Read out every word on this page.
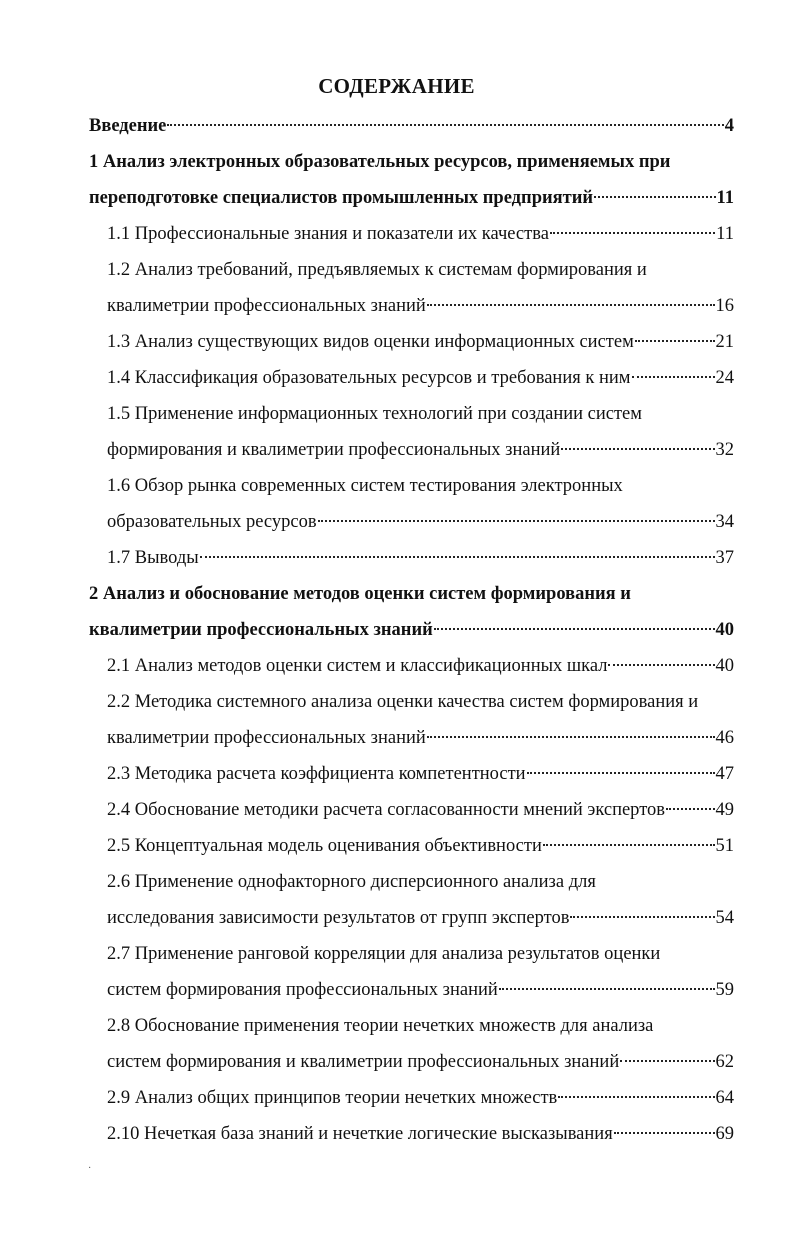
СОДЕРЖАНИЕ
Введение	4
1 Анализ электронных образовательных ресурсов, применяемых при
переподготовке специалистов промышленных предприятий	11
1.1 Профессиональные знания и показатели их качества	11
1.2 Анализ требований, предъявляемых к системам формирования и
квалиметрии профессиональных знаний	16
1.3 Анализ существующих видов оценки информационных систем	21
1.4 Классификация образовательных ресурсов и требования к ним	24
1.5 Применение информационных технологий при создании систем
формирования и квалиметрии профессиональных знаний	32
1.6 Обзор рынка современных систем тестирования электронных
образовательных ресурсов	34
1.7 Выводы	37
2 Анализ и обоснование методов оценки систем формирования и
квалиметрии профессиональных знаний	40
2.1 Анализ методов оценки систем и классификационных шкал	40
2.2 Методика системного анализа оценки качества систем формирования и
квалиметрии профессиональных знаний	46
2.3 Методика расчета коэффициента компетентности	47
2.4 Обоснование методики расчета согласованности мнений экспертов	49
2.5 Концептуальная модель оценивания объективности	51
2.6 Применение однофакторного дисперсионного анализа для
исследования зависимости результатов от групп экспертов	54
2.7 Применение ранговой корреляции для анализа результатов оценки
систем формирования профессиональных знаний	59
2.8 Обоснование применения теории нечетких множеств для анализа
систем формирования и квалиметрии профессиональных знаний	62
2.9 Анализ общих принципов теории нечетких множеств	64
2.10 Нечеткая база знаний и нечеткие логические высказывания	69
·
